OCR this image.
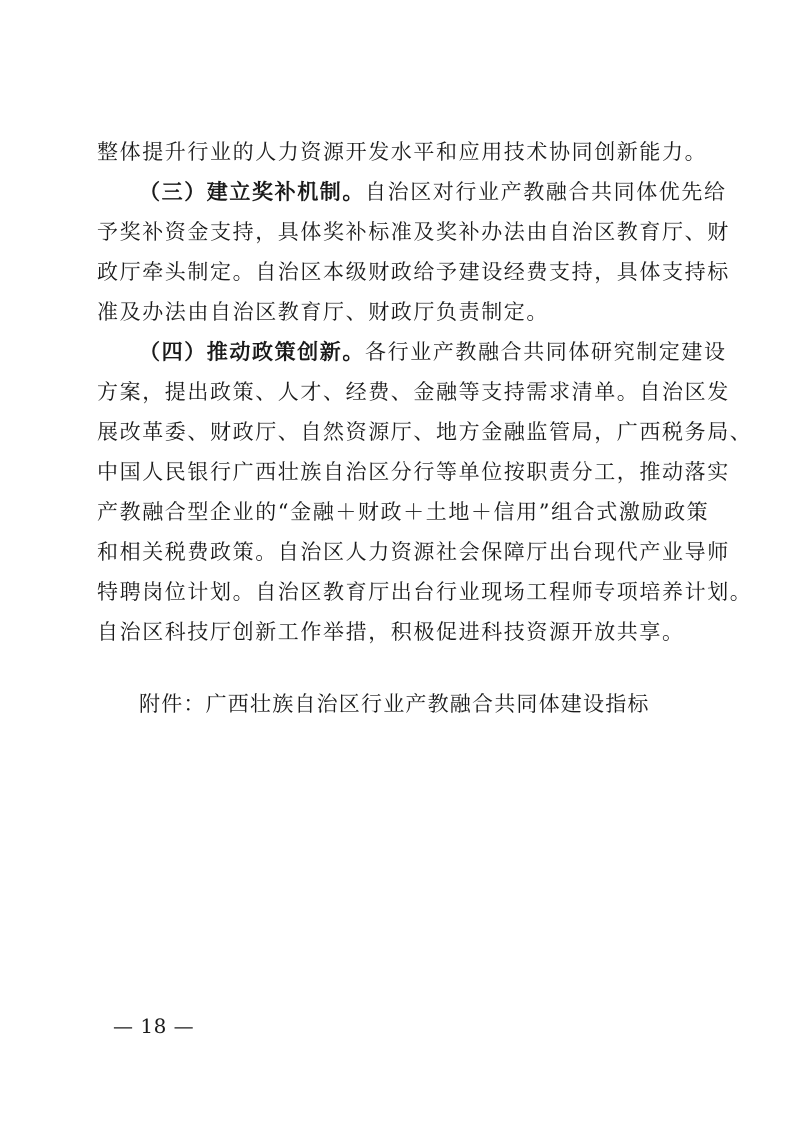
整体提升行业的人力资源开发水平和应用技术协同创新能力。
（三）建立奖补机制。自治区对行业产教融合共同体优先给
予奖补资金支持，具体奖补标准及奖补办法由自治区教育厅、财
政厅牵头制定。自治区本级财政给予建设经费支持，具体支持标
准及办法由自治区教育厅、财政厅负责制定。
（四）推动政策创新。各行业产教融合共同体研究制定建设
方案，提出政策、人才、经费、金融等支持需求清单。自治区发
展改革委、财政厅、自然资源厅、地方金融监管局，广西税务局、
中国人民银行广西壮族自治区分行等单位按职责分工，推动落实
产教融合型企业的“金融＋财政＋土地＋信用”组合式激励政策
和相关税费政策。自治区人力资源社会保障厅出台现代产业导师
特聘岗位计划。自治区教育厅出台行业现场工程师专项培养计划。
自治区科技厅创新工作举措，积极促进科技资源开放共享。
附件：广西壮族自治区行业产教融合共同体建设指标
— 18 —
